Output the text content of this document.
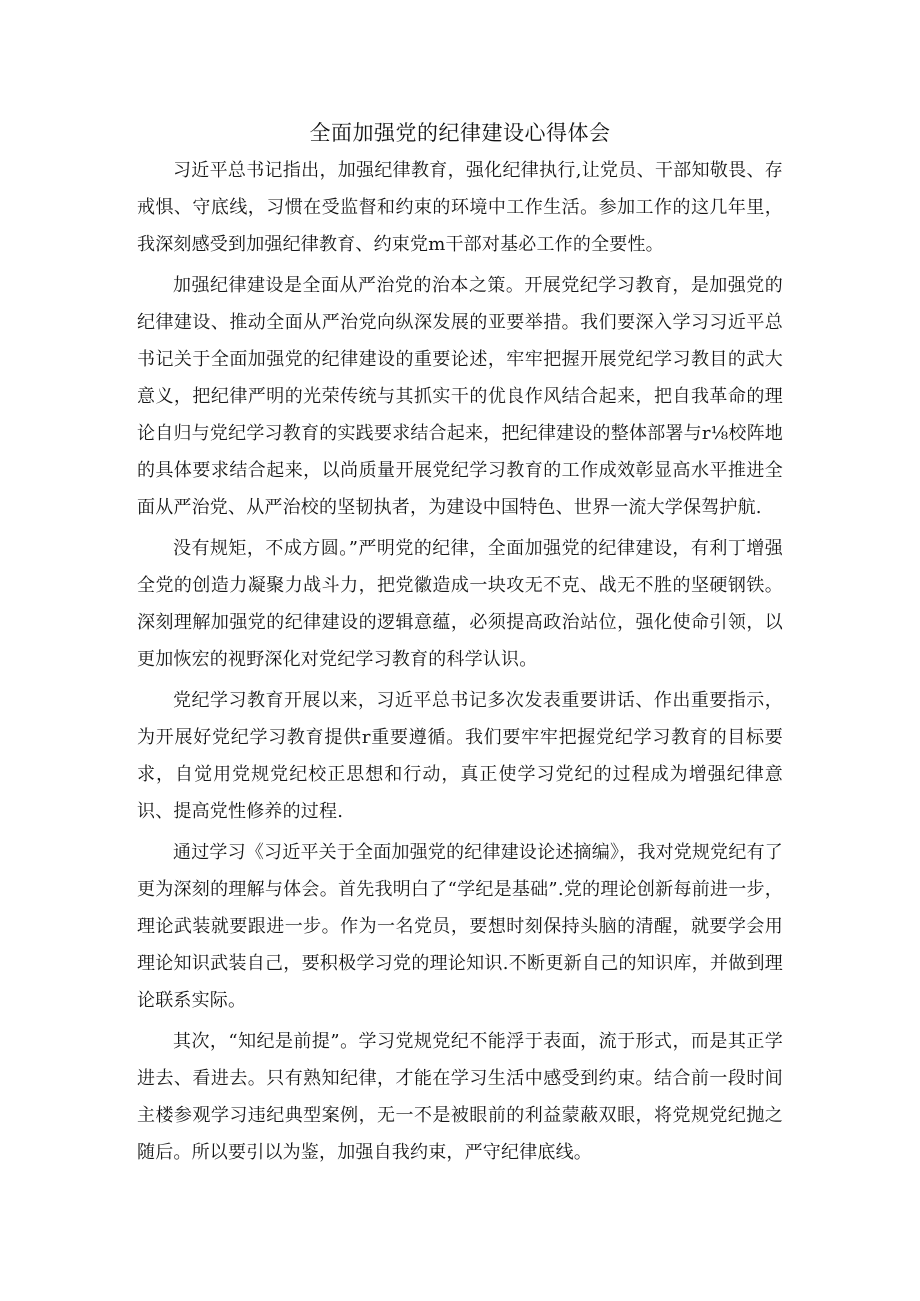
全面加强党的纪律建设心得体会

习近平总书记指出，加强纪律教育，强化纪律执行,让党员、干部知敬畏、存戒惧、守底线，习惯在受监督和约束的环境中工作生活。参加工作的这几年里，我深刻感受到加强纪律教育、约束党m干部对基必工作的全要性。

加强纪律建设是全面从严治党的治本之策。开展党纪学习教育，是加强党的纪律建设、推动全面从严治党向纵深发展的亚要举措。我们要深入学习习近平总书记关于全面加强党的纪律建设的重要论述，牢牢把握开展党纪学习教目的武大意义，把纪律严明的光荣传统与其抓实干的优良作风结合起来，把自我革命的理论自归与党纪学习教育的实践要求结合起来，把纪律建设的整体部署与r⅛校阵地的具体要求结合起来，以尚质量开展党纪学习教育的工作成效彰显高水平推进全面从严治党、从严治校的坚韧执者，为建设中国特色、世界一流大学保驾护航.

没有规矩，不成方圆。”严明党的纪律，全面加强党的纪律建设，有利丁增强全党的创造力凝聚力战斗力，把党徽造成一块攻无不克、战无不胜的坚硬钢铁。深刻理解加强党的纪律建设的逻辑意蕴，必须提高政治站位，强化使命引领，以更加恢宏的视野深化对党纪学习教育的科学认识。

党纪学习教育开展以来，习近平总书记多次发表重要讲话、作出重要指示，为开展好党纪学习教育提供r重要遵循。我们要牢牢把握党纪学习教育的目标要求，自觉用党规党纪校正思想和行动，真正使学习党纪的过程成为增强纪律意识、提高党性修养的过程.

通过学习《习近平关于全面加强党的纪律建设论述摘编》，我对党规党纪有了更为深刻的理解与体会。首先我明白了“学纪是基础”.党的理论创新每前进一步，理论武装就要跟进一步。作为一名党员，要想时刻保持头脑的清醒，就要学会用理论知识武装自己，要积极学习党的理论知识.不断更新自己的知识库，并做到理论联系实际。

其次，“知纪是前提”。学习党规党纪不能浮于表面，流于形式，而是其正学进去、看进去。只有熟知纪律，才能在学习生活中感受到约束。结合前一段时间主楼参观学习违纪典型案例，无一不是被眼前的利益蒙蔽双眼，将党规党纪抛之随后。所以要引以为鉴，加强自我约束，严守纪律底线。
